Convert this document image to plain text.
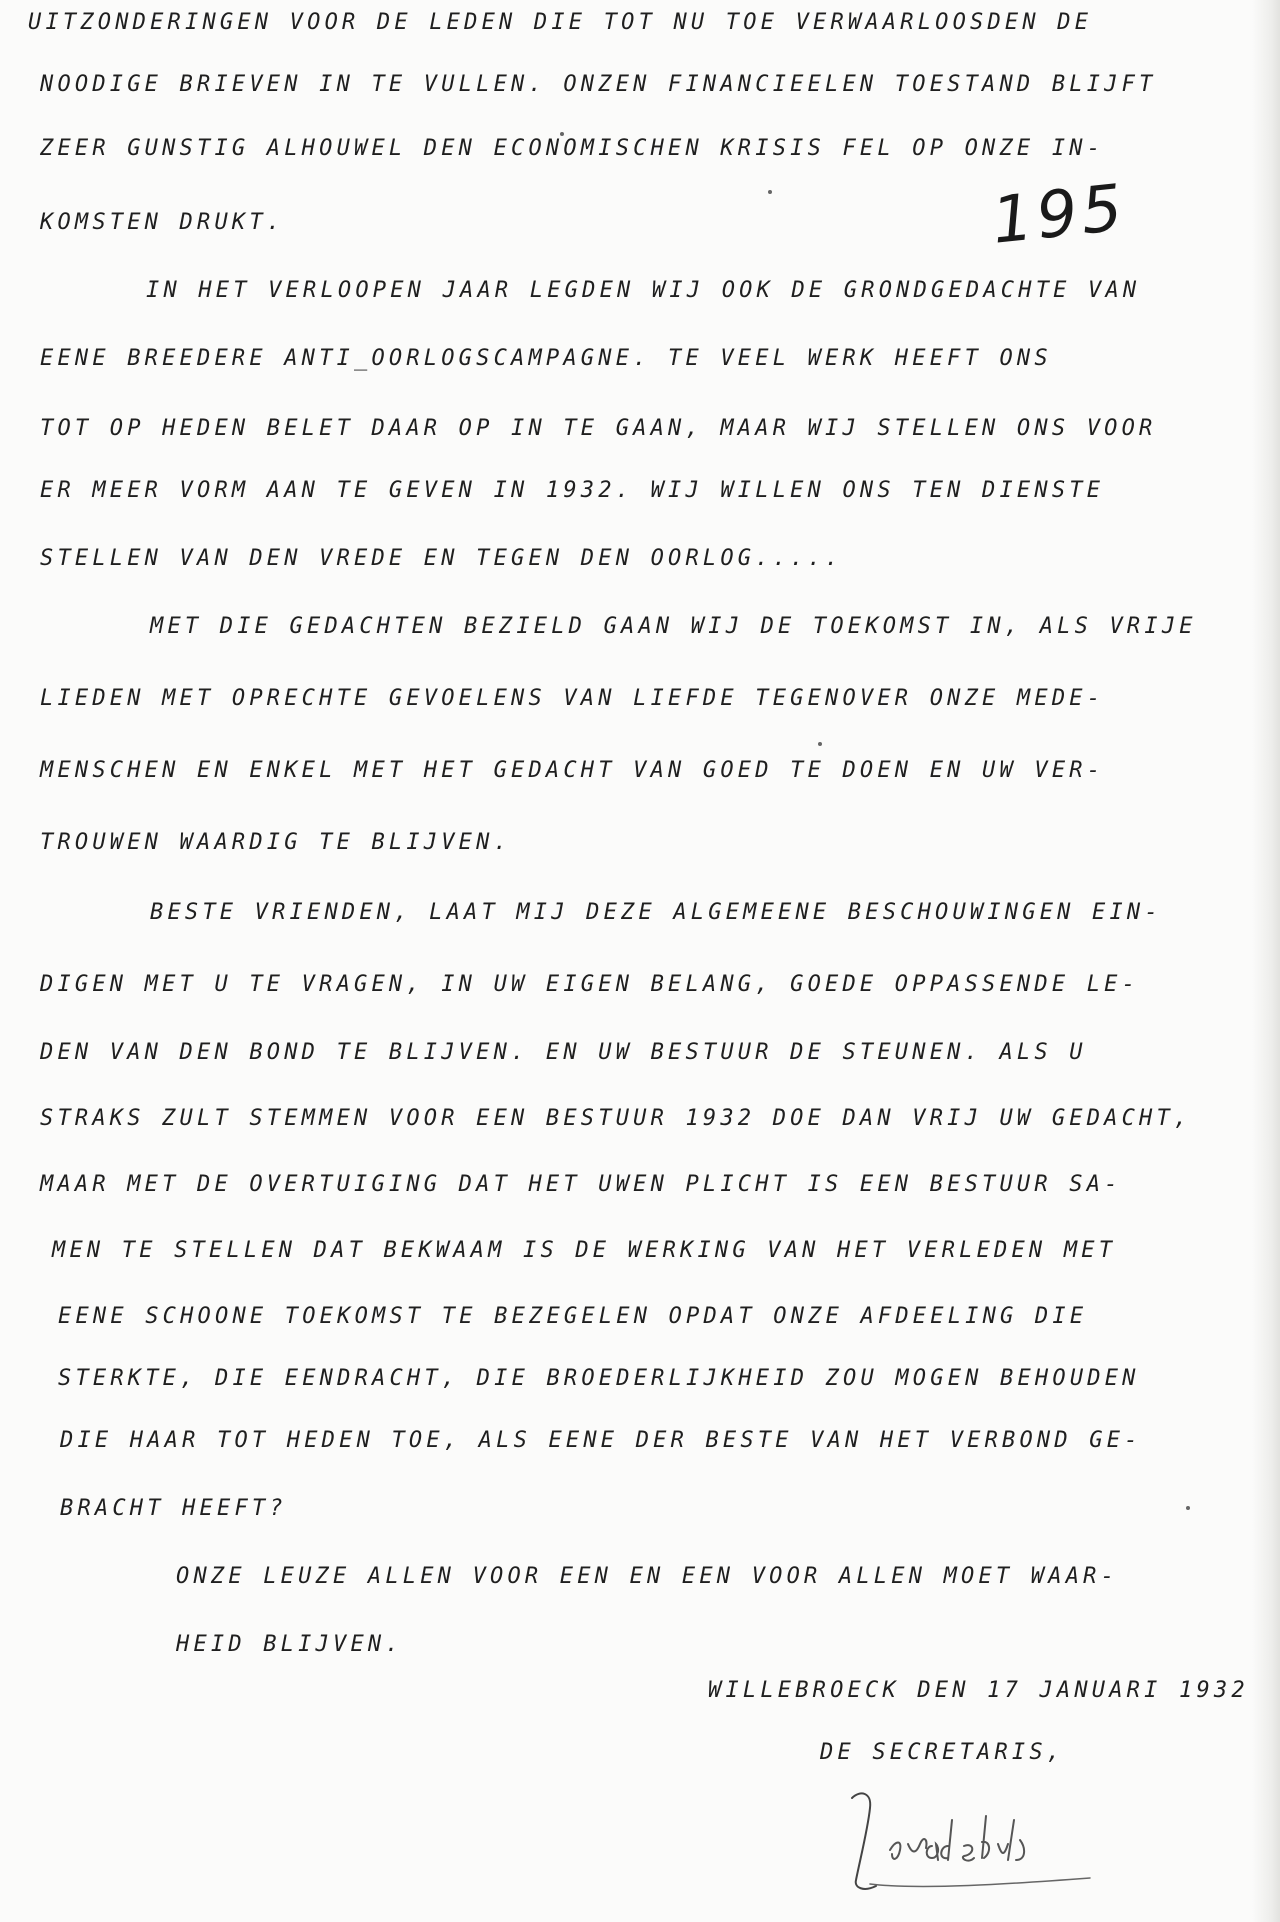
195
UITZONDERINGEN VOOR DE LEDEN DIE TOT NU TOE VERWAARLOOSDEN DE
NOODIGE BRIEVEN IN TE VULLEN. ONZEN FINANCIEELEN TOESTAND BLIJFT
ZEER GUNSTIG ALHOUWEL DEN ECONOMISCHEN KRISIS FEL OP ONZE IN-
KOMSTEN DRUKT.
IN HET VERLOOPEN JAAR LEGDEN WIJ OOK DE GRONDGEDACHTE VAN
EENE BREEDERE ANTI_OORLOGSCAMPAGNE. TE VEEL WERK HEEFT ONS
TOT OP HEDEN BELET DAAR OP IN TE GAAN, MAAR WIJ STELLEN ONS VOOR
ER MEER VORM AAN TE GEVEN IN 1932. WIJ WILLEN ONS TEN DIENSTE
STELLEN VAN DEN VREDE EN TEGEN DEN OORLOG.....
MET DIE GEDACHTEN BEZIELD GAAN WIJ DE TOEKOMST IN, ALS VRIJE
LIEDEN MET OPRECHTE GEVOELENS VAN LIEFDE TEGENOVER ONZE MEDE-
MENSCHEN EN ENKEL MET HET GEDACHT VAN GOED TE DOEN EN UW VER-
TROUWEN WAARDIG TE BLIJVEN.
BESTE VRIENDEN, LAAT MIJ DEZE ALGEMEENE BESCHOUWINGEN EIN-
DIGEN MET U TE VRAGEN, IN UW EIGEN BELANG, GOEDE OPPASSENDE LE-
DEN VAN DEN BOND TE BLIJVEN. EN UW BESTUUR DE STEUNEN. ALS U
STRAKS ZULT STEMMEN VOOR EEN BESTUUR 1932 DOE DAN VRIJ UW GEDACHT,
MAAR MET DE OVERTUIGING DAT HET UWEN PLICHT IS EEN BESTUUR SA-
MEN TE STELLEN DAT BEKWAAM IS DE WERKING VAN HET VERLEDEN MET
EENE SCHOONE TOEKOMST TE BEZEGELEN OPDAT ONZE AFDEELING DIE
STERKTE, DIE EENDRACHT, DIE BROEDERLIJKHEID ZOU MOGEN BEHOUDEN
DIE HAAR TOT HEDEN TOE, ALS EENE DER BESTE VAN HET VERBOND GE-
BRACHT HEEFT?
ONZE LEUZE ALLEN VOOR EEN EN EEN VOOR ALLEN MOET WAAR-
HEID BLIJVEN.
WILLEBROECK DEN 17 JANUARI 1932
DE SECRETARIS,
